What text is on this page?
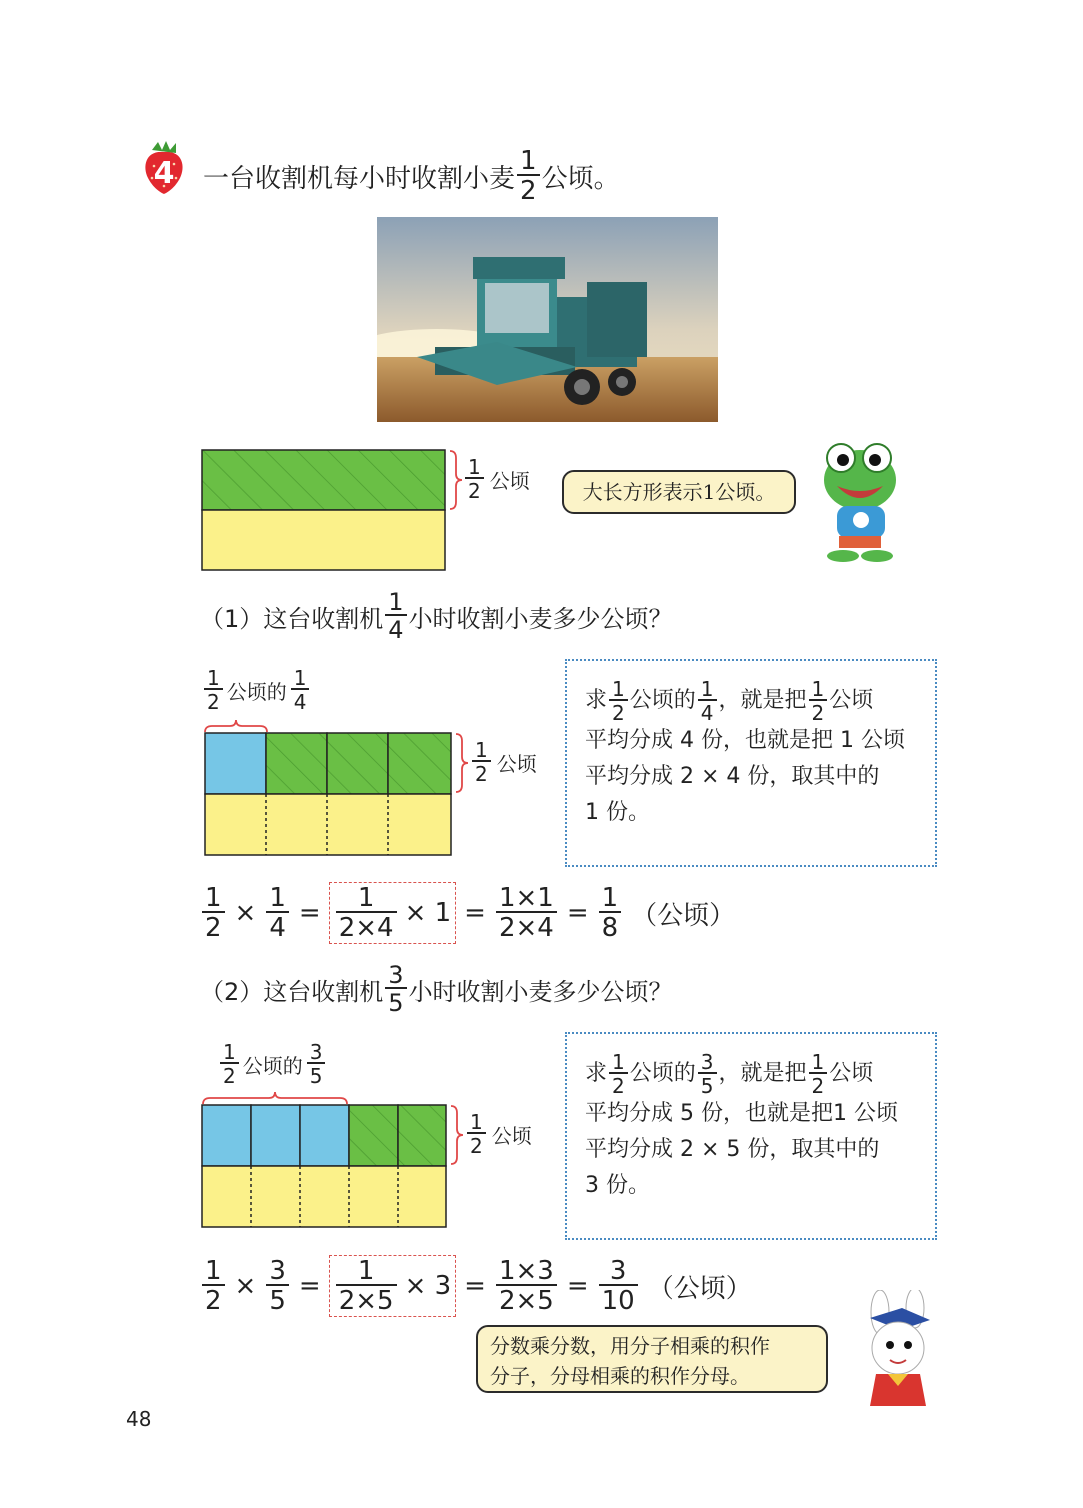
4	一台收割机每小时收割小麦 $\frac{1}{2}$ 公顷。
$\frac{1}{2}$ 公顷	大长方形表示1公顷。
（1）这台收割机 $\frac{1}{4}$ 小时收割小麦多少公顷？
$\frac{1}{2}$ 公顷的 $\frac{1}{4}$
$\frac{1}{2}$ 公顷
求 $\frac{1}{2}$ 公顷的 $\frac{1}{4}$ ，就是把 $\frac{1}{2}$ 公顷
平均分成 4 份，也就是把 1 公顷
平均分成 2 × 4 份，取其中的
1 份。
$\frac{1}{2} \times \frac{1}{4} = \frac{1}{2\times 4} \times 1 = \frac{1\times 1}{2\times 4} = \frac{1}{8}$ （公顷）
（2）这台收割机 $\frac{3}{5}$ 小时收割小麦多少公顷？
$\frac{1}{2}$ 公顷的 $\frac{3}{5}$
$\frac{1}{2}$ 公顷
求 $\frac{1}{2}$ 公顷的 $\frac{3}{5}$ ，就是把 $\frac{1}{2}$ 公顷
平均分成 5 份，也就是把1 公顷
平均分成 2 × 5 份，取其中的
3 份。
$\frac{1}{2} \times \frac{3}{5} = \frac{1}{2\times 5} \times 3 = \frac{1\times 3}{2\times 5} = \frac{3}{10}$ （公顷）
分数乘分数，用分子相乘的积作
分子，分母相乘的积作分母。
48
